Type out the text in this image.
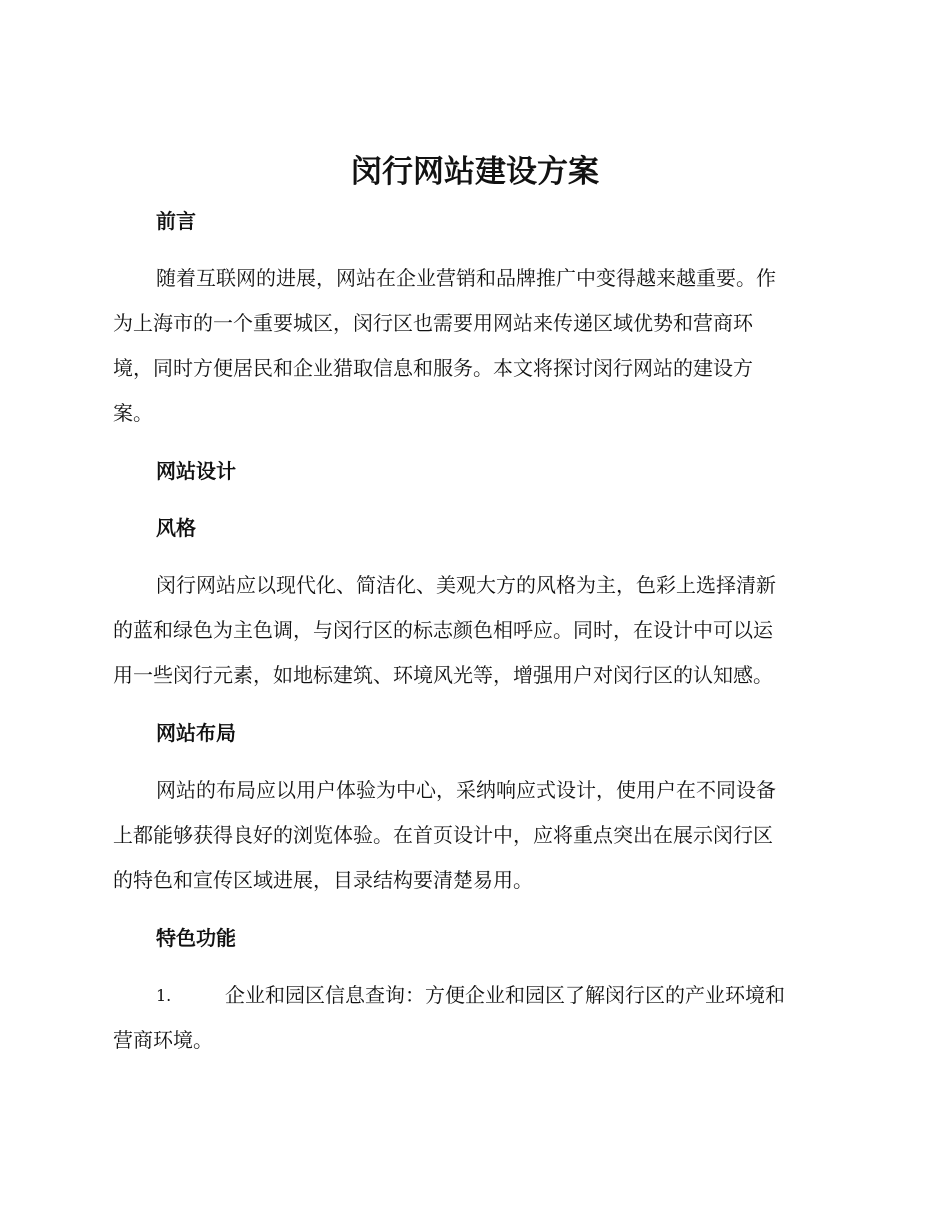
闵行网站建设方案
前言

随着互联网的进展，网站在企业营销和品牌推广中变得越来越重要。作
为上海市的一个重要城区，闵行区也需要用网站来传递区域优势和营商环
境，同时方便居民和企业猎取信息和服务。本文将探讨闵行网站的建设方
案。

网站设计
风格

闵行网站应以现代化、简洁化、美观大方的风格为主，色彩上选择清新
的蓝和绿色为主色调，与闵行区的标志颜色相呼应。同时，在设计中可以运
用一些闵行元素，如地标建筑、环境风光等，增强用户对闵行区的认知感。

网站布局

网站的布局应以用户体验为中心，采纳响应式设计，使用户在不同设备
上都能够获得良好的浏览体验。在首页设计中，应将重点突出在展示闵行区
的特色和宣传区域进展，目录结构要清楚易用。

特色功能
1.	企业和园区信息查询：方便企业和园区了解闵行区的产业环境和
营商环境。
